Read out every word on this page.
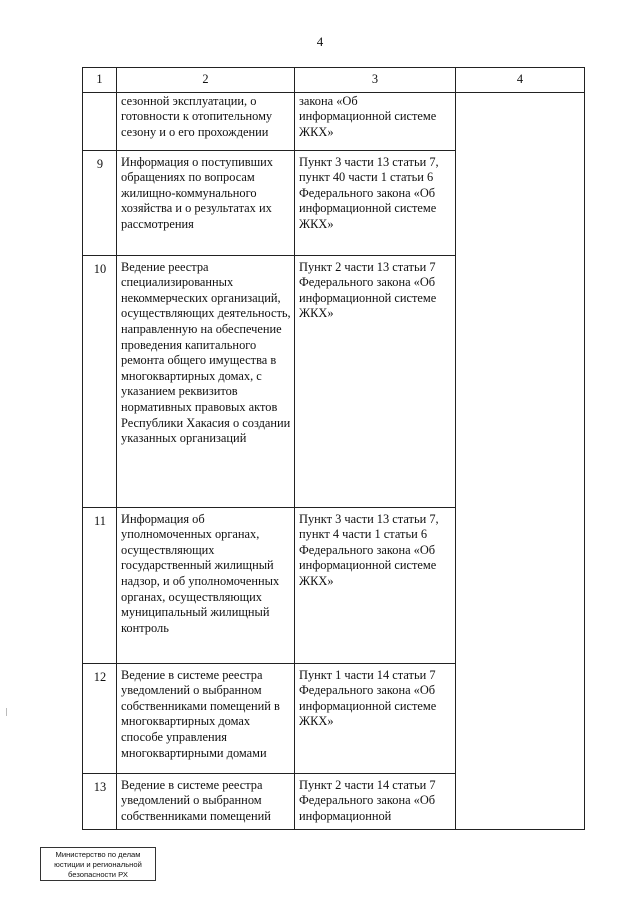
4
1	2	3	4
	сезонной эксплуатации, о готовности к отопительному сезону и о его прохождении	закона «Об информационной системе ЖКХ»	
9	Информация о поступивших обращениях по вопросам жилищно-коммунального хозяйства и о результатах их рассмотрения	Пункт 3 части 13 статьи 7, пункт 40 части 1 статьи 6 Федерального закона «Об информационной системе ЖКХ»	
10	Ведение реестра специализированных некоммерческих организаций, осуществляющих деятельность, направленную на обеспечение проведения капитального ремонта общего имущества в многоквартирных домах, с указанием реквизитов нормативных правовых актов Республики Хакасия о создании указанных организаций	Пункт 2 части 13 статьи 7 Федерального закона «Об информационной системе ЖКХ»	
11	Информация об уполномоченных органах, осуществляющих государственный жилищный надзор, и об уполномоченных органах, осуществляющих муниципальный жилищный контроль	Пункт 3 части 13 статьи 7, пункт 4 части 1 статьи 6 Федерального закона «Об информационной системе ЖКХ»	
12	Ведение в системе реестра уведомлений о выбранном собственниками помещений в многоквартирных домах способе управления многоквартирными домами	Пункт 1 части 14 статьи 7 Федерального закона «Об информационной системе ЖКХ»	
13	Ведение в системе реестра уведомлений о выбранном собственниками помещений	Пункт 2 части 14 статьи 7 Федерального закона «Об информационной	
Министерство по делам
юстиции и региональной
безопасности РХ
